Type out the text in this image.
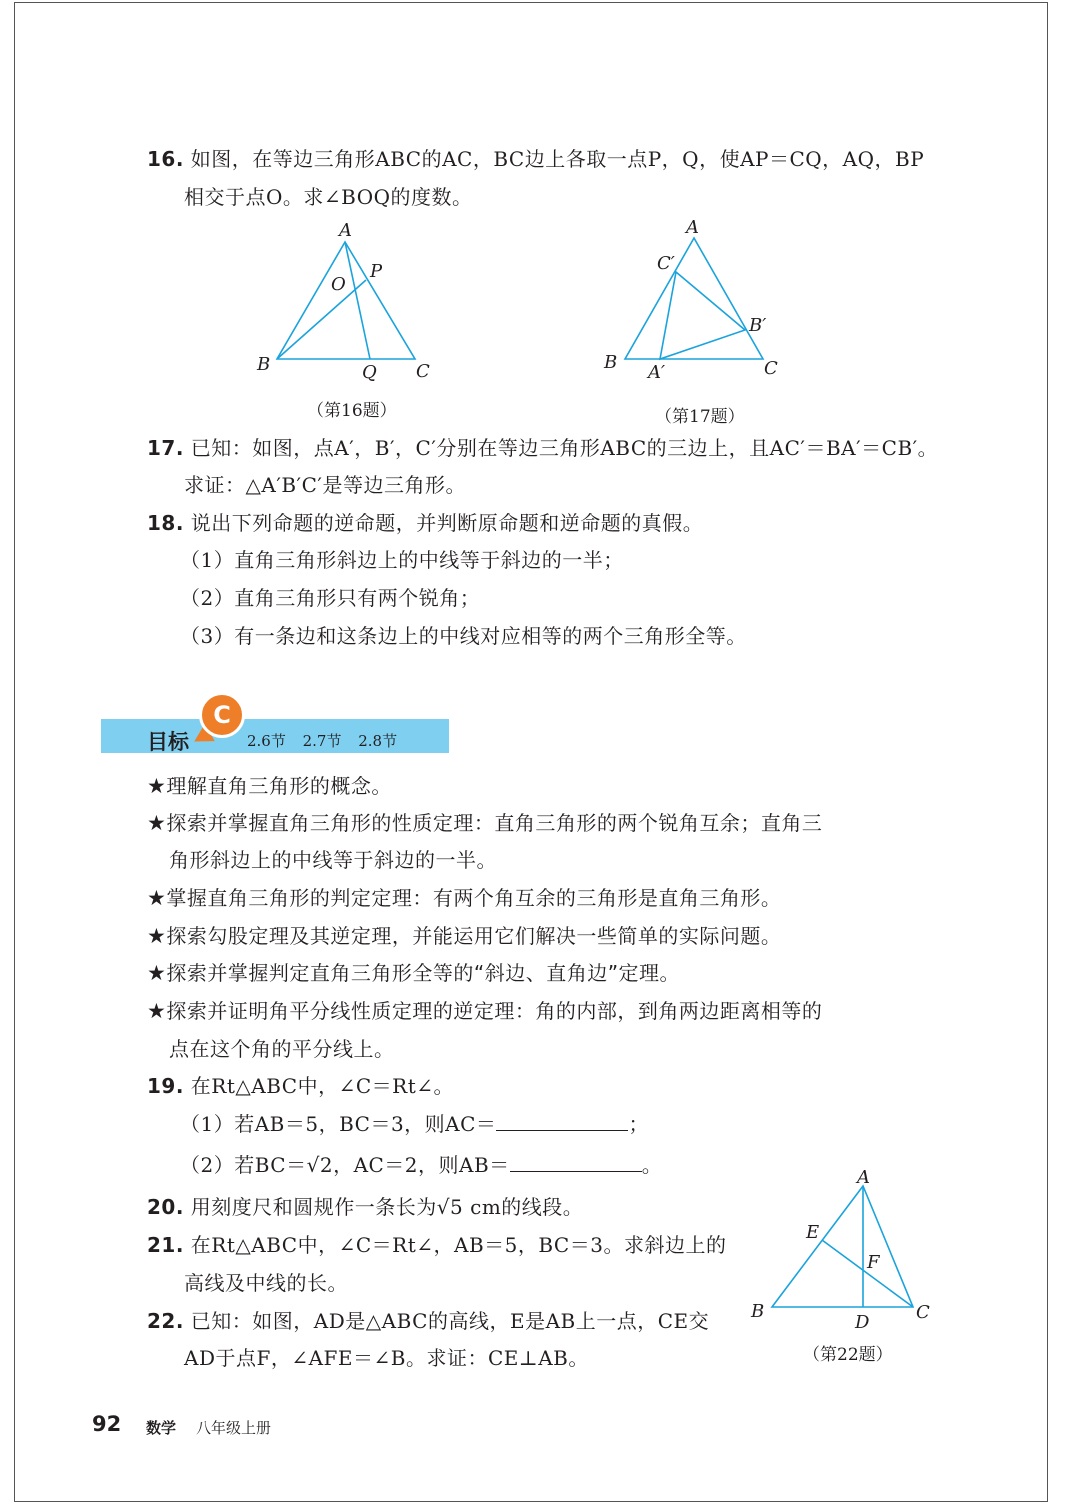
16. 如图，在等边三角形ABC的AC，BC边上各取一点P，Q，使AP＝CQ，AQ，BP
相交于点O。求∠BOQ的度数。
A
B	C
O
P
Q
A
B	C
A′
B′
C′
A
B	C
D
E
F
（第16题）	（第17题）
17. 已知：如图，点A′，B′，C′分别在等边三角形ABC的三边上，且AC′＝BA′＝CB′。
求证：△A′B′C′是等边三角形。
18. 说出下列命题的逆命题，并判断原命题和逆命题的真假。
（1）直角三角形斜边上的中线等于斜边的一半；
（2）直角三角形只有两个锐角；
（3）有一条边和这条边上的中线对应相等的两个三角形全等。
C
目标	2.6节 2.7节 2.8节
★理解直角三角形的概念。
★探索并掌握直角三角形的性质定理：直角三角形的两个锐角互余；直角三
角形斜边上的中线等于斜边的一半。
★掌握直角三角形的判定定理：有两个角互余的三角形是直角三角形。
★探索勾股定理及其逆定理，并能运用它们解决一些简单的实际问题。
★探索并掌握判定直角三角形全等的“斜边、直角边”定理。
★探索并证明角平分线性质定理的逆定理：角的内部，到角两边距离相等的
点在这个角的平分线上。
19. 在Rt△ABC中，∠C＝Rt∠。
（1）若AB＝5，BC＝3，则AC＝	；
（2）若BC＝√2，AC＝2，则AB＝	。
20. 用刻度尺和圆规作一条长为√5 cm的线段。
21. 在Rt△ABC中，∠C＝Rt∠，AB＝5，BC＝3。求斜边上的
高线及中线的长。
22. 已知：如图，AD是△ABC的高线，E是AB上一点，CE交
AD于点F，∠AFE＝∠B。求证：CE⊥AB。	（第22题）
92 数学 八年级上册
